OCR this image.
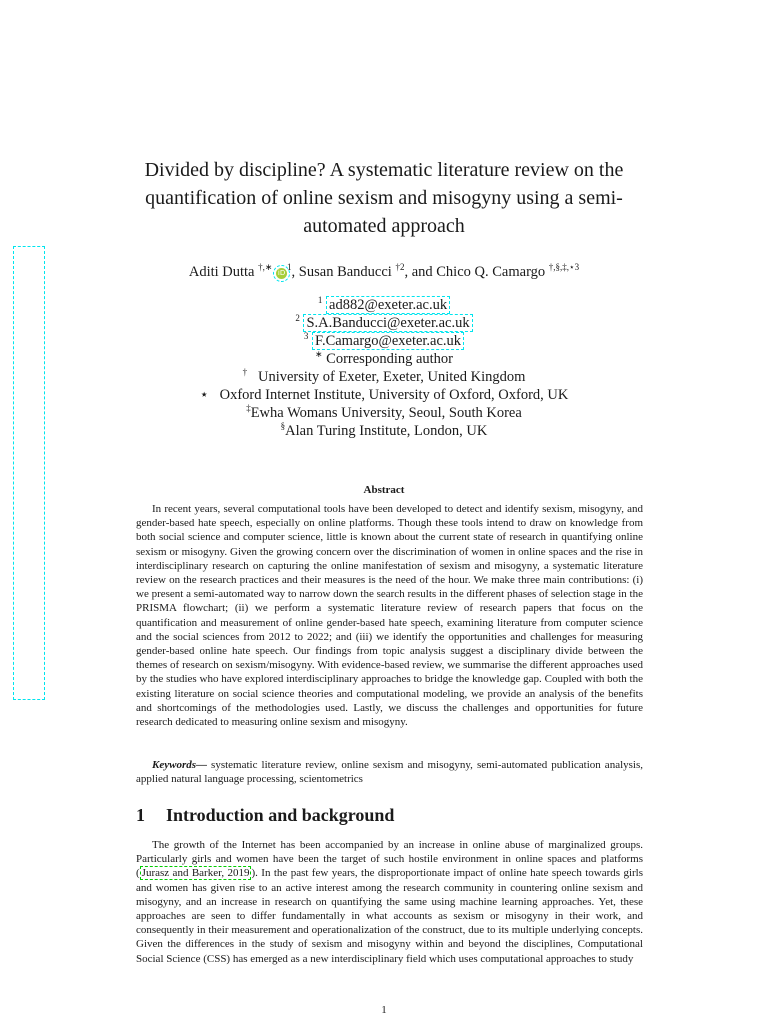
Divided by discipline? A systematic literature review on the quantification of online sexism and misogyny using a semi-automated approach
Aditi Dutta †,∗ $iD^1$, Susan Banducci $^{\dagger 2}$, and Chico Q. Camargo $^{\dagger,\S,\ddagger,⋆3}$
$^1$ ad882@exeter.ac.uk
$^2$ S.A.Banducci@exeter.ac.uk
$^3$ F.Camargo@exeter.ac.uk
∗ Corresponding author
† University of Exeter, Exeter, United Kingdom
⋆ Oxford Internet Institute, University of Oxford, Oxford, UK
‡Ewha Womans University, Seoul, South Korea
§Alan Turing Institute, London, UK
Abstract

In recent years, several computational tools have been developed to detect and identify sexism, misogyny, and gender-based hate speech, especially on online platforms. Though these tools intend to draw on knowledge from both social science and computer science, little is known about the current state of research in quantifying online sexism or misogyny. Given the growing concern over the discrimination of women in online spaces and the rise in interdisciplinary research on capturing the online manifestation of sexism and misogyny, a systematic literature review on the research practices and their measures is the need of the hour. We make three main contributions: (i) we present a semi-automated way to narrow down the search results in the different phases of selection stage in the PRISMA flowchart; (ii) we perform a systematic literature review of research papers that focus on the quantification and measurement of online gender-based hate speech, examining literature from computer science and the social sciences from 2012 to 2022; and (iii) we identify the opportunities and challenges for measuring gender-based online hate speech. Our findings from topic analysis suggest a disciplinary divide between the themes of research on sexism/misogyny. With evidence-based review, we summarise the different approaches used by the studies who have explored interdisciplinary approaches to bridge the knowledge gap. Coupled with both the existing literature on social science theories and computational modeling, we provide an analysis of the benefits and shortcomings of the methodologies used. Lastly, we discuss the challenges and opportunities for future research dedicated to measuring online sexism and misogyny.

Keywords— systematic literature review, online sexism and misogyny, semi-automated publication analysis, applied natural language processing, scientometrics

1 Introduction and background

The growth of the Internet has been accompanied by an increase in online abuse of marginalized groups. Particularly girls and women have been the target of such hostile environment in online spaces and platforms ( Jurasz and Barker, 2019 ). In the past few years, the disproportionate impact of online hate speech towards girls and women has given rise to an active interest among the research community in countering online sexism and misogyny, and an increase in research on quantifying the same using machine learning approaches. Yet, these approaches are seen to differ fundamentally in what accounts as sexism or misogyny in their work, and consequently in their measurement and operationalization of the construct, due to its multiple underlying concepts. Given the differences in the study of sexism and misogyny within and beyond the disciplines, Computational Social Science (CSS) has emerged as a new interdisciplinary field which uses computational approaches to study

1
